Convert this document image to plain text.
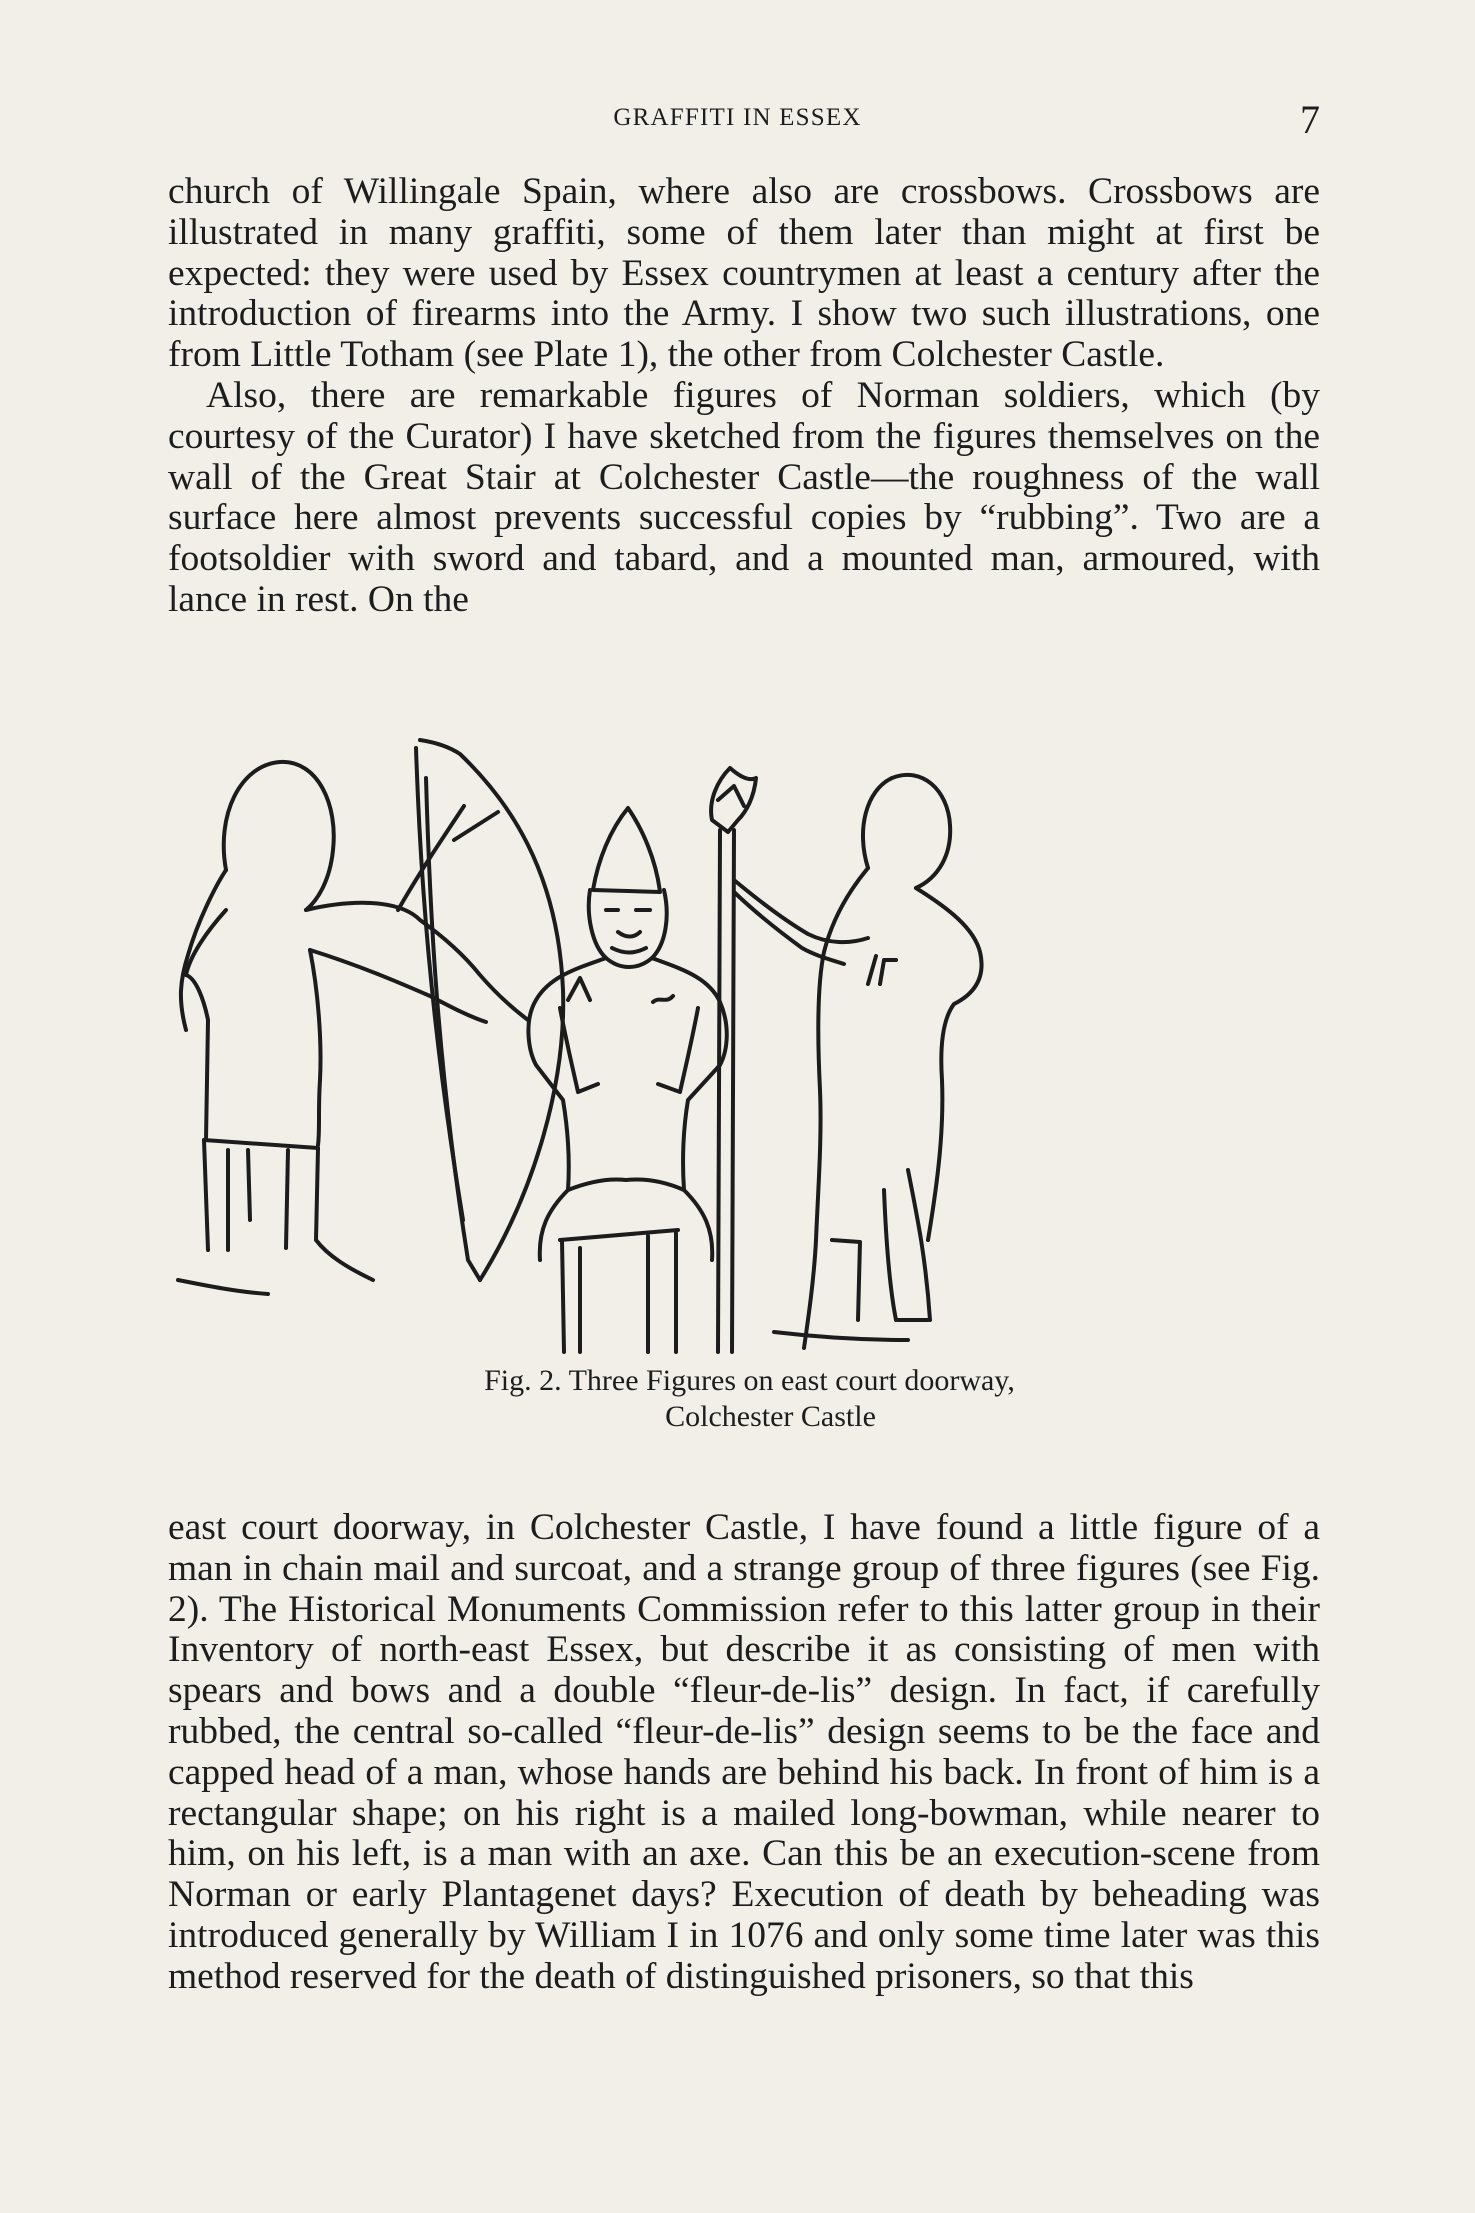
GRAFFITI IN ESSEX	7

church of Willingale Spain, where also are crossbows. Crossbows are illustrated in many graffiti, some of them later than might at first be expected: they were used by Essex countrymen at least a century after the introduction of firearms into the Army. I show two such illustrations, one from Little Totham (see Plate 1), the other from Colchester Castle.

Also, there are remarkable figures of Norman soldiers, which (by courtesy of the Curator) I have sketched from the figures themselves on the wall of the Great Stair at Colchester Castle—the roughness of the wall surface here almost prevents successful copies by “rubbing”. Two are a footsoldier with sword and tabard, and a mounted man, armoured, with lance in rest. On the

Fig. 2. Three Figures on east court doorway,
Colchester Castle

east court doorway, in Colchester Castle, I have found a little figure of a man in chain mail and surcoat, and a strange group of three figures (see Fig. 2). The Historical Monuments Commission refer to this latter group in their Inventory of north-east Essex, but describe it as consisting of men with spears and bows and a double “fleur-de-lis” design. In fact, if carefully rubbed, the central so-called “fleur-de-lis” design seems to be the face and capped head of a man, whose hands are behind his back. In front of him is a rectangular shape; on his right is a mailed long-bowman, while nearer to him, on his left, is a man with an axe. Can this be an execution-scene from Norman or early Plantagenet days? Execution of death by beheading was introduced generally by William I in 1076 and only some time later was this method reserved for the death of distinguished prisoners, so that this
